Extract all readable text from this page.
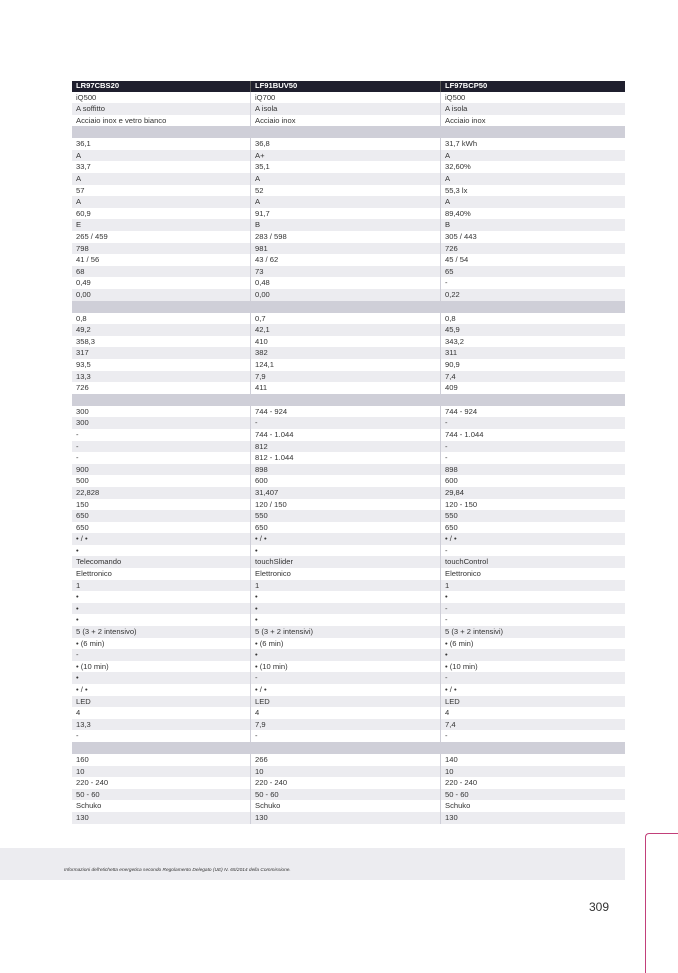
LR97CBS20	LF91BUV50	LF97BCP50
iQ500	iQ700	iQ500
A soffitto	A isola	A isola
Acciaio inox e vetro bianco	Acciaio inox	Acciaio inox
36,1	36,8	31,7 kWh
A	A+	A
33,7	35,1	32,60%
A	A	A
57	52	55,3 lx
A	A	A
60,9	91,7	89,40%
E	B	B
265 / 459	283 / 598	305 / 443
798	981	726
41 / 56	43 / 62	45 / 54
68	73	65
0,49	0,48	-
0,00	0,00	0,22
0,8	0,7	0,8
49,2	42,1	45,9
358,3	410	343,2
317	382	311
93,5	124,1	90,9
13,3	7,9	7,4
726	411	409
300	744 - 924	744 - 924
300	-	-
-	744 - 1.044	744 - 1.044
-	812	-
-	812 - 1.044	-
900	898	898
500	600	600
22,828	31,407	29,84
150	120 / 150	120 - 150
650	550	550
650	650	650
• / •	• / •	• / •
•	•	-
Telecomando	touchSlider	touchControl
Elettronico	Elettronico	Elettronico
1	1	1
•	•	•
•	•	-
•	•	-
5 (3 + 2 intensivo)	5 (3 + 2 intensivi)	5 (3 + 2 intensivi)
• (6 min)	• (6 min)	• (6 min)
-	•	•
• (10 min)	• (10 min)	• (10 min)
•	-	-
• / •	• / •	• / •
LED	LED	LED
4	4	4
13,3	7,9	7,4
-	-	-
160	266	140
10	10	10
220 - 240	220 - 240	220 - 240
50 - 60	50 - 60	50 - 60
Schuko	Schuko	Schuko
130	130	130
Informazioni dell'etichetta energetica secondo Regolamento Delegato (UE) N. 65/2014 della Commissione.
309
